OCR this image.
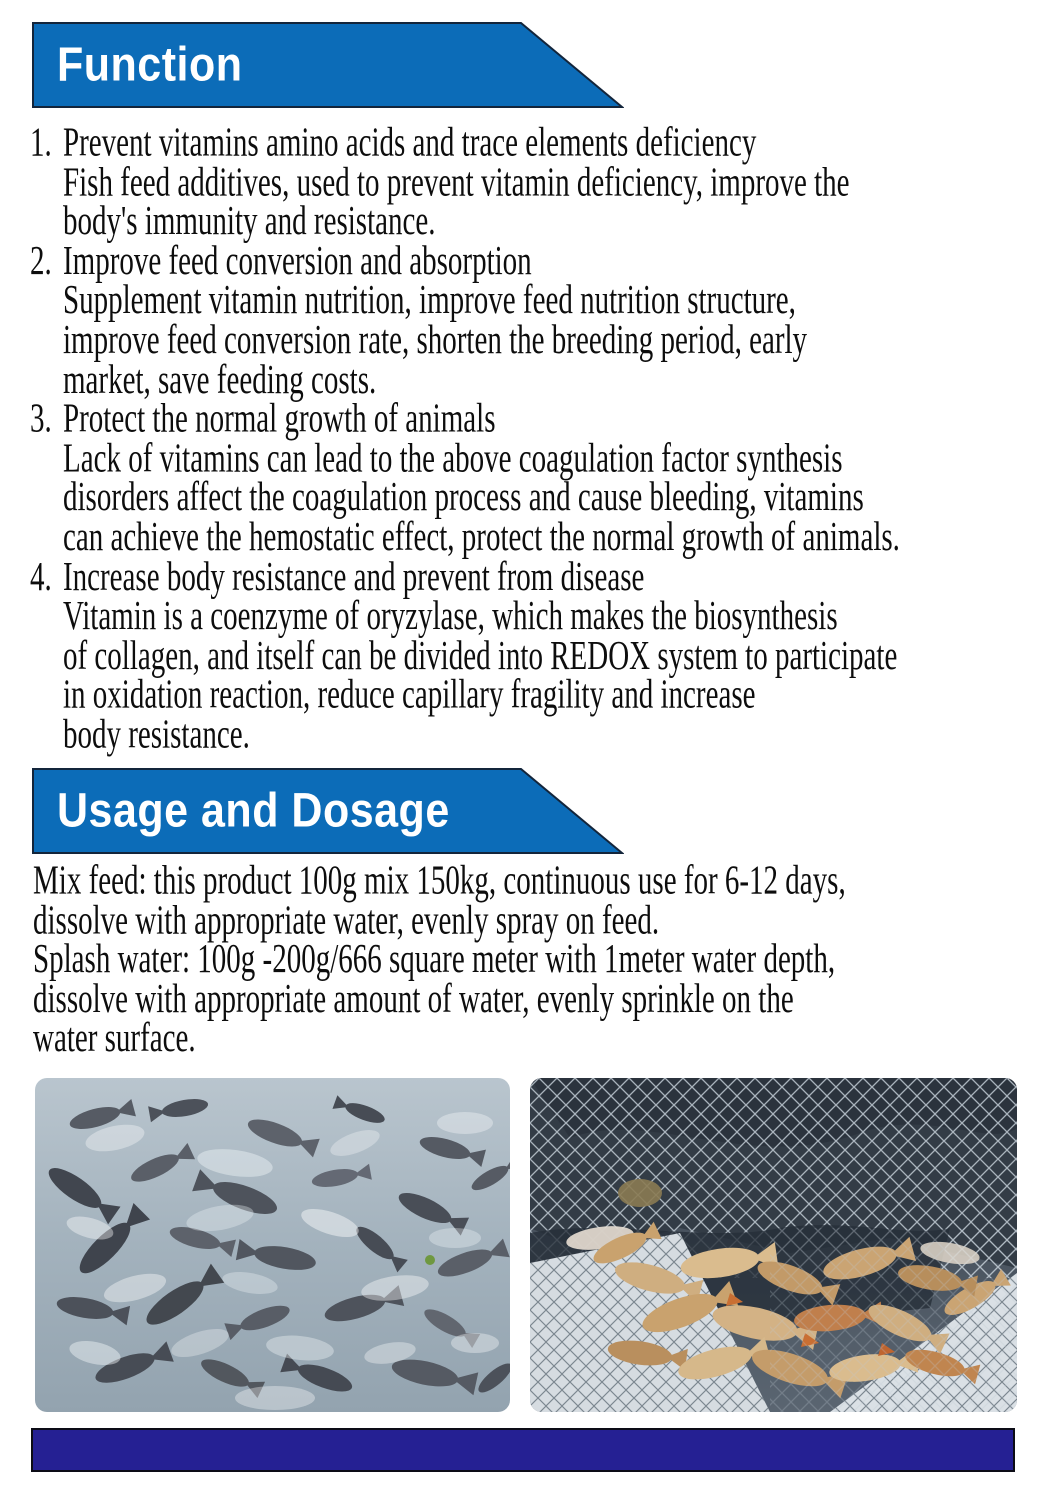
Function
1. Prevent vitamins amino acids and trace elements deficiency
Fish feed additives, used to prevent vitamin deficiency, improve the
body's immunity and resistance.
2. Improve feed conversion and absorption
Supplement vitamin nutrition, improve feed nutrition structure,
improve feed conversion rate, shorten the breeding period, early
market, save feeding costs.
3. Protect the normal growth of animals
Lack of vitamins can lead to the above coagulation factor synthesis
disorders affect the coagulation process and cause bleeding, vitamins
can achieve the hemostatic effect, protect the normal growth of animals.
4. Increase body resistance and prevent from disease
Vitamin is a coenzyme of oryzylase, which makes the biosynthesis
of collagen, and itself can be divided into REDOX system to participate
in oxidation reaction, reduce capillary fragility and increase
body resistance.
Usage and Dosage
Mix feed: this product 100g mix 150kg, continuous use for 6-12 days,
dissolve with appropriate water, evenly spray on feed.
Splash water: 100g -200g/666 square meter with 1meter water depth,
dissolve with appropriate amount of water, evenly sprinkle on the
water surface.
